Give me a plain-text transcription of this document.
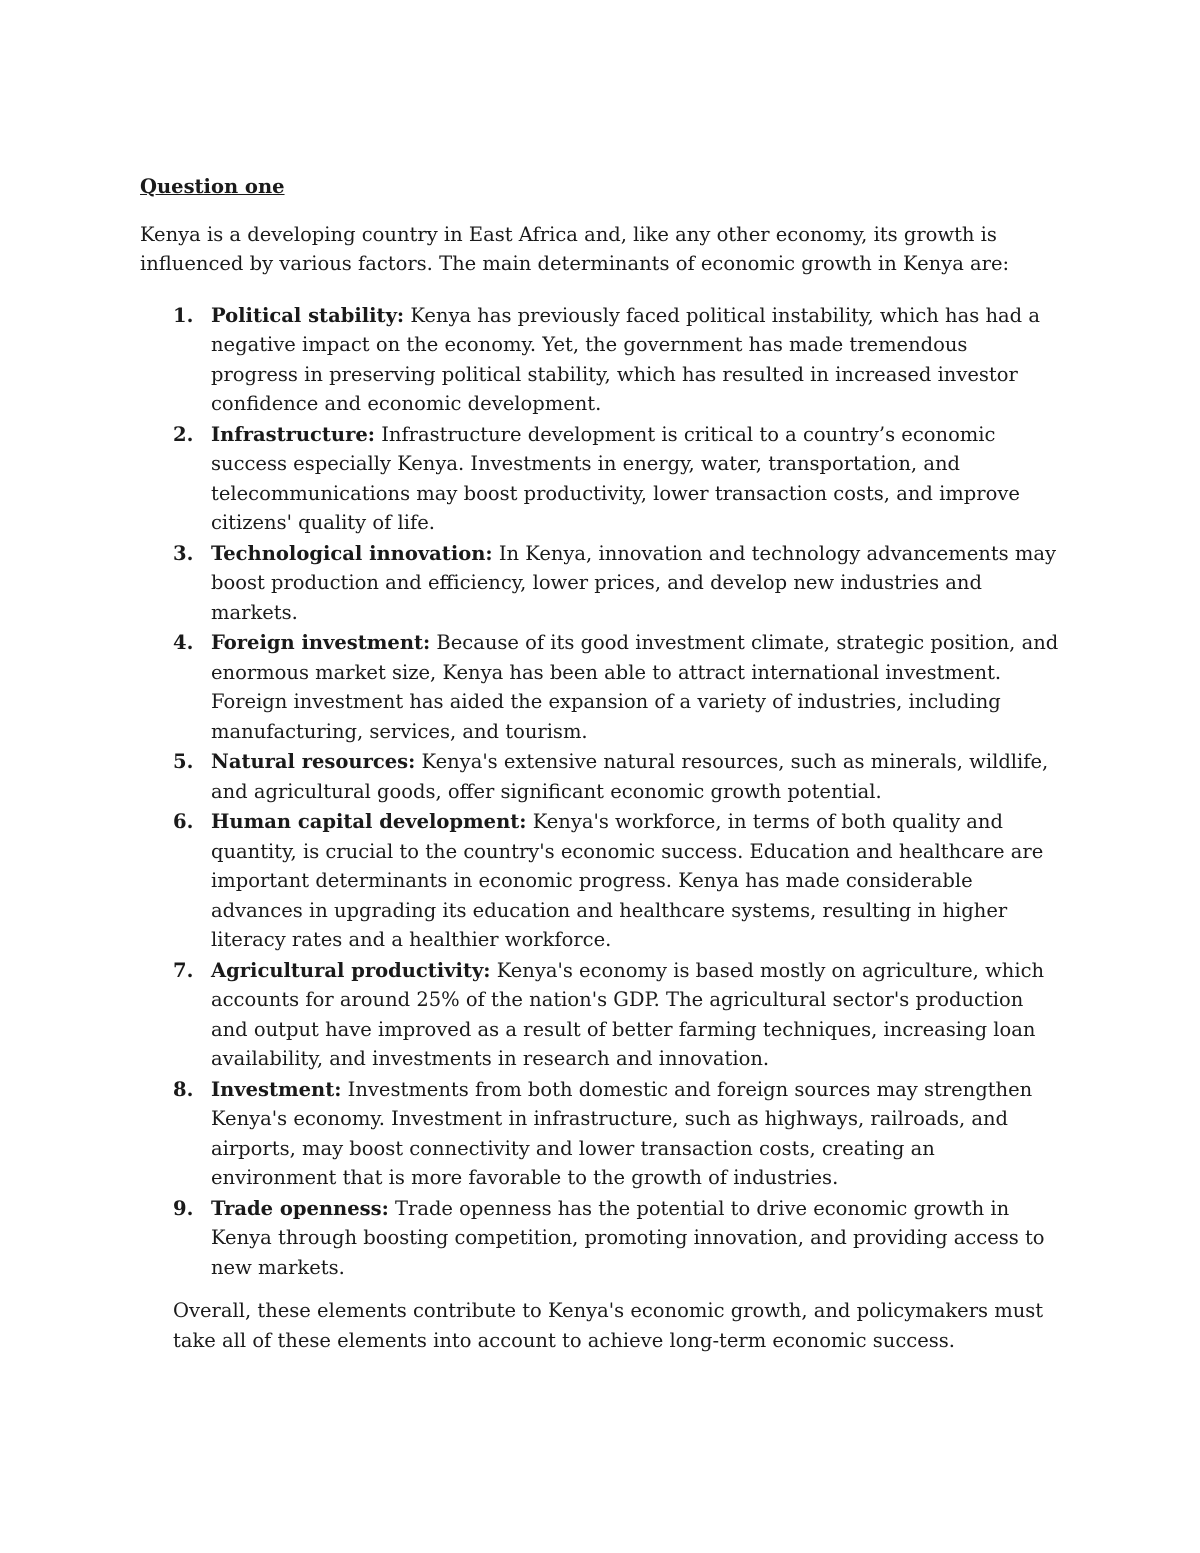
Question one

Kenya is a developing country in East Africa and, like any other economy, its growth is influenced by various factors. The main determinants of economic growth in Kenya are:

1. Political stability: Kenya has previously faced political instability, which has had a negative impact on the economy. Yet, the government has made tremendous progress in preserving political stability, which has resulted in increased investor confidence and economic development.
2. Infrastructure: Infrastructure development is critical to a country’s economic success especially Kenya. Investments in energy, water, transportation, and telecommunications may boost productivity, lower transaction costs, and improve citizens' quality of life.
3. Technological innovation: In Kenya, innovation and technology advancements may boost production and efficiency, lower prices, and develop new industries and markets.
4. Foreign investment: Because of its good investment climate, strategic position, and enormous market size, Kenya has been able to attract international investment. Foreign investment has aided the expansion of a variety of industries, including manufacturing, services, and tourism.
5. Natural resources: Kenya's extensive natural resources, such as minerals, wildlife, and agricultural goods, offer significant economic growth potential.
6. Human capital development: Kenya's workforce, in terms of both quality and quantity, is crucial to the country's economic success. Education and healthcare are important determinants in economic progress. Kenya has made considerable advances in upgrading its education and healthcare systems, resulting in higher literacy rates and a healthier workforce.
7. Agricultural productivity: Kenya's economy is based mostly on agriculture, which accounts for around 25% of the nation's GDP. The agricultural sector's production and output have improved as a result of better farming techniques, increasing loan availability, and investments in research and innovation.
8. Investment: Investments from both domestic and foreign sources may strengthen Kenya's economy. Investment in infrastructure, such as highways, railroads, and airports, may boost connectivity and lower transaction costs, creating an environment that is more favorable to the growth of industries.
9. Trade openness: Trade openness has the potential to drive economic growth in Kenya through boosting competition, promoting innovation, and providing access to new markets.

Overall, these elements contribute to Kenya's economic growth, and policymakers must take all of these elements into account to achieve long-term economic success.
